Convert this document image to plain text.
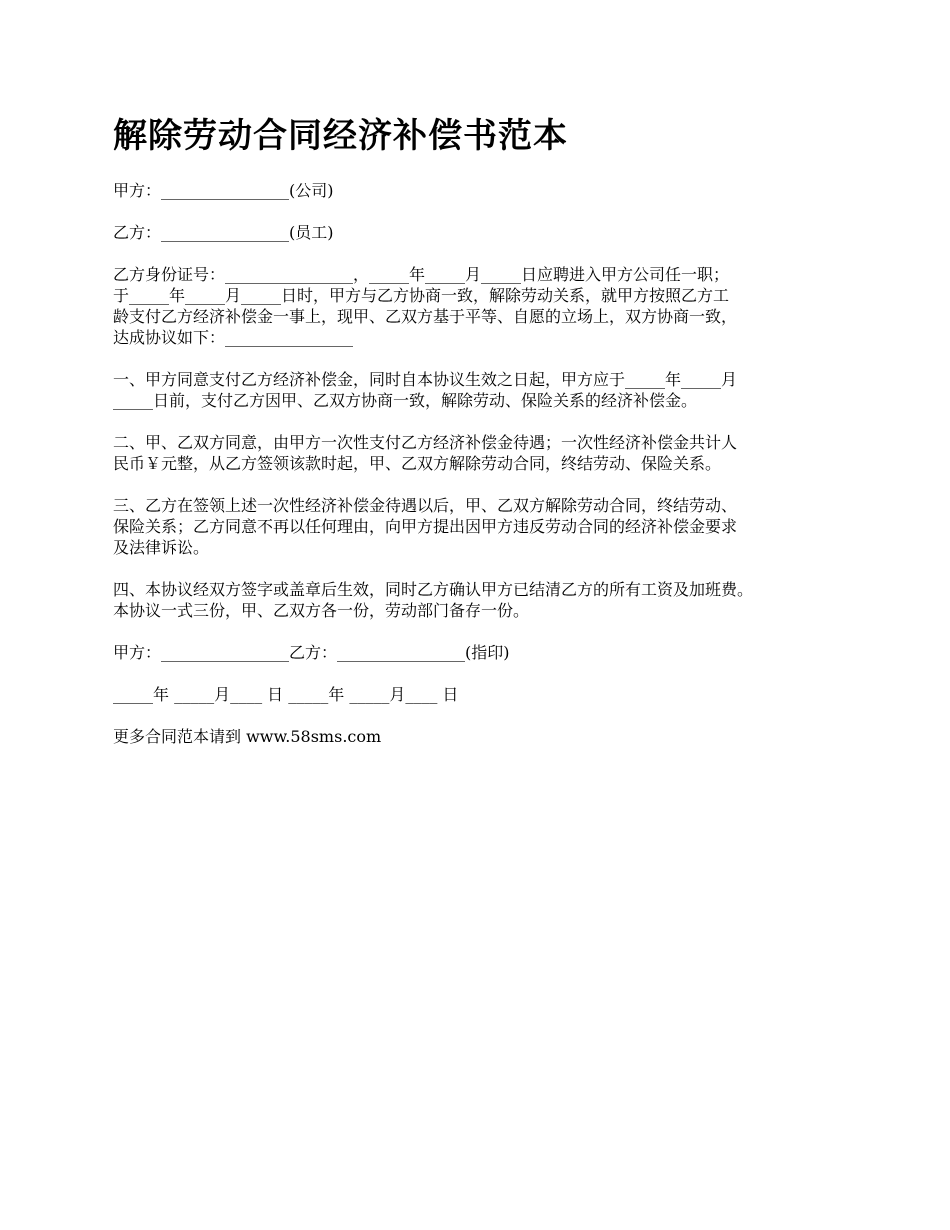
解除劳动合同经济补偿书范本

甲方：________________(公司)

乙方：________________(员工)

乙方身份证号：________________，_____年_____月_____日应聘进入甲方公司任一职；
于_____年_____月_____日时，甲方与乙方协商一致，解除劳动关系，就甲方按照乙方工
龄支付乙方经济补偿金一事上，现甲、乙双方基于平等、自愿的立场上，双方协商一致，
达成协议如下：________________

一、甲方同意支付乙方经济补偿金，同时自本协议生效之日起，甲方应于_____年_____月
_____日前，支付乙方因甲、乙双方协商一致，解除劳动、保险关系的经济补偿金。

二、甲、乙双方同意，由甲方一次性支付乙方经济补偿金待遇；一次性经济补偿金共计人
民币￥元整，从乙方签领该款时起，甲、乙双方解除劳动合同，终结劳动、保险关系。

三、乙方在签领上述一次性经济补偿金待遇以后，甲、乙双方解除劳动合同，终结劳动、
保险关系；乙方同意不再以任何理由，向甲方提出因甲方违反劳动合同的经济补偿金要求
及法律诉讼。

四、本协议经双方签字或盖章后生效，同时乙方确认甲方已结清乙方的所有工资及加班费。
本协议一式三份，甲、乙双方各一份，劳动部门备存一份。

甲方：________________乙方：________________(指印)

_____年 _____月____ 日 _____年 _____月____ 日

更多合同范本请到 www.58sms.com
